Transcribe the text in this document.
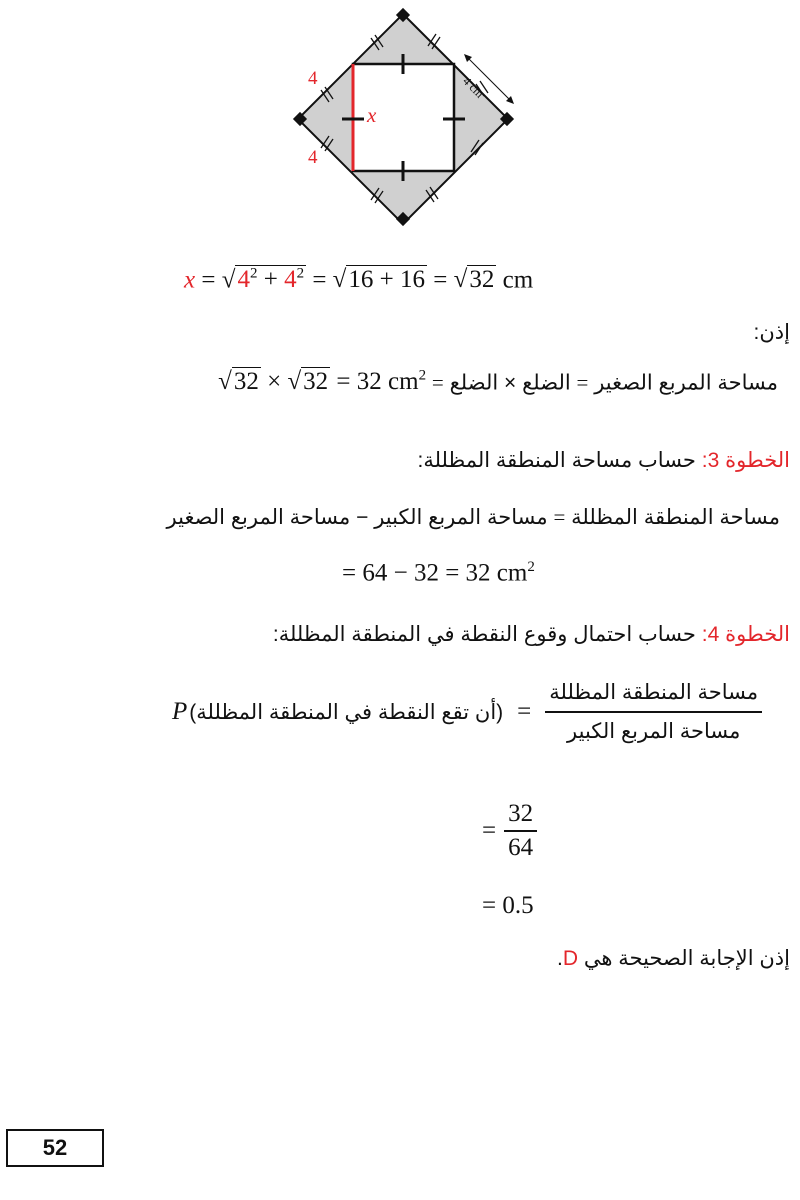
4
4
x
4 cm
$x = √4^2 + 4^2 = √16 + 16 = √32$ cm
إذن:
مساحة المربع الصغير = الضلع × الضلع = √32 × √32 = 32 $cm^2$
الخطوة 3: حساب مساحة المنطقة المظللة:
مساحة المنطقة المظللة = مساحة المربع الكبير − مساحة المربع الصغير
= 64 − 32 = 32 $cm^2$
الخطوة 4: حساب احتمال وقوع النقطة في المنطقة المظللة:
P (أن تقع النقطة في المنطقة المظللة) = $\frac{\text{مساحة المنطقة المظللة}}{\text{مساحة المربع الكبير}}$
= $\frac{32}{64}$
= 0.5
إذن الإجابة الصحيحة هي D.
52
